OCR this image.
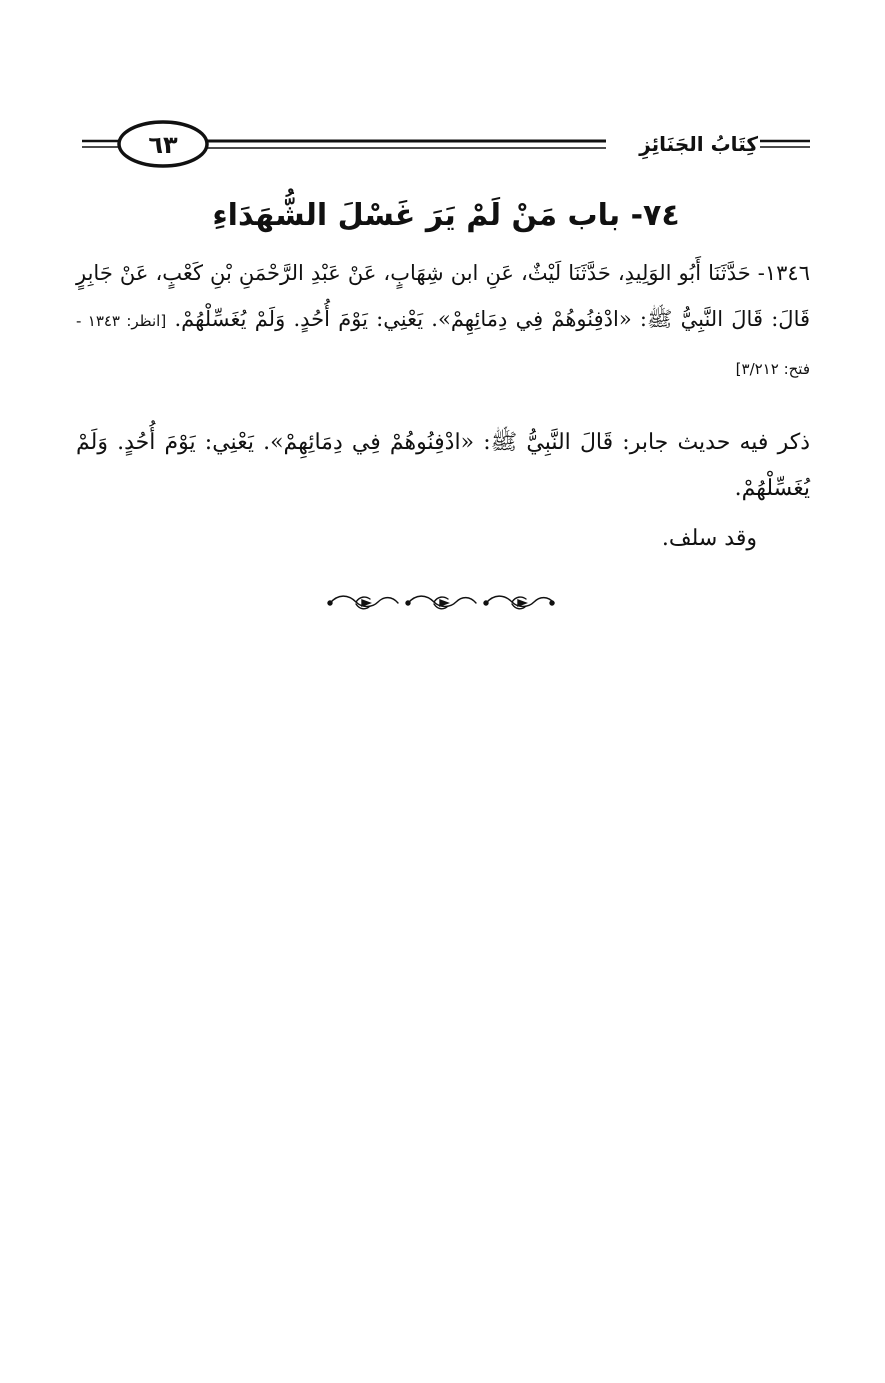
٦٣	كِتَابُ الجَنَائِزِ
٧٤- باب مَنْ لَمْ يَرَ غَسْلَ الشُّهَدَاءِ
١٣٤٦- حَدَّثَنَا أَبُو الوَلِيدِ، حَدَّثَنَا لَيْثٌ، عَنِ ابن شِهَابٍ، عَنْ عَبْدِ الرَّحْمَنِ بْنِ كَعْبٍ، عَنْ جَابِرٍ قَالَ: قَالَ النَّبِيُّ ﷺ: «ادْفِنُوهُمْ فِي دِمَائِهِمْ». يَعْنِي: يَوْمَ أُحُدٍ. وَلَمْ يُغَسِّلْهُمْ. [انظر: ١٣٤٣ - فتح: ٣/٢١٢]
ذكر فيه حديث جابر: قَالَ النَّبِيُّ ﷺ: «ادْفِنُوهُمْ فِي دِمَائِهِمْ». يَعْنِي: يَوْمَ أُحُدٍ. وَلَمْ يُغَسِّلْهُمْ.
وقد سلف.
